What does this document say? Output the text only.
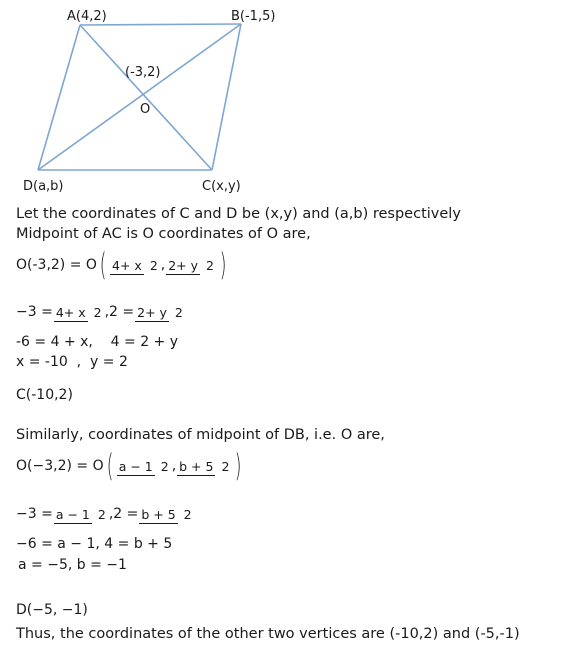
A(4,2)	B(-1,5)
(-3,2)
O
D(a,b)	C(x,y)
Let the coordinates of C and D be (x,y) and (a,b) respectively
Midpoint of AC is O coordinates of O are,
O(-3,2) = O ( 4+ x 2 , 2+ y 2 )
−3 = 4+ x 2 ,2 = 2+ y 2
-6 = 4 + x,    4 = 2 + y
x = -10  ,  y = 2
C(-10,2)
Similarly, coordinates of midpoint of DB, i.e. O are,
O(−3,2) = O ( a − 1 2 , b + 5 2 )
−3 = a − 1 2 ,2 = b + 5 2
−6 = a − 1, 4 = b + 5
a = −5, b = −1
D(−5, −1)
Thus, the coordinates of the other two vertices are (-10,2) and (-5,-1)
